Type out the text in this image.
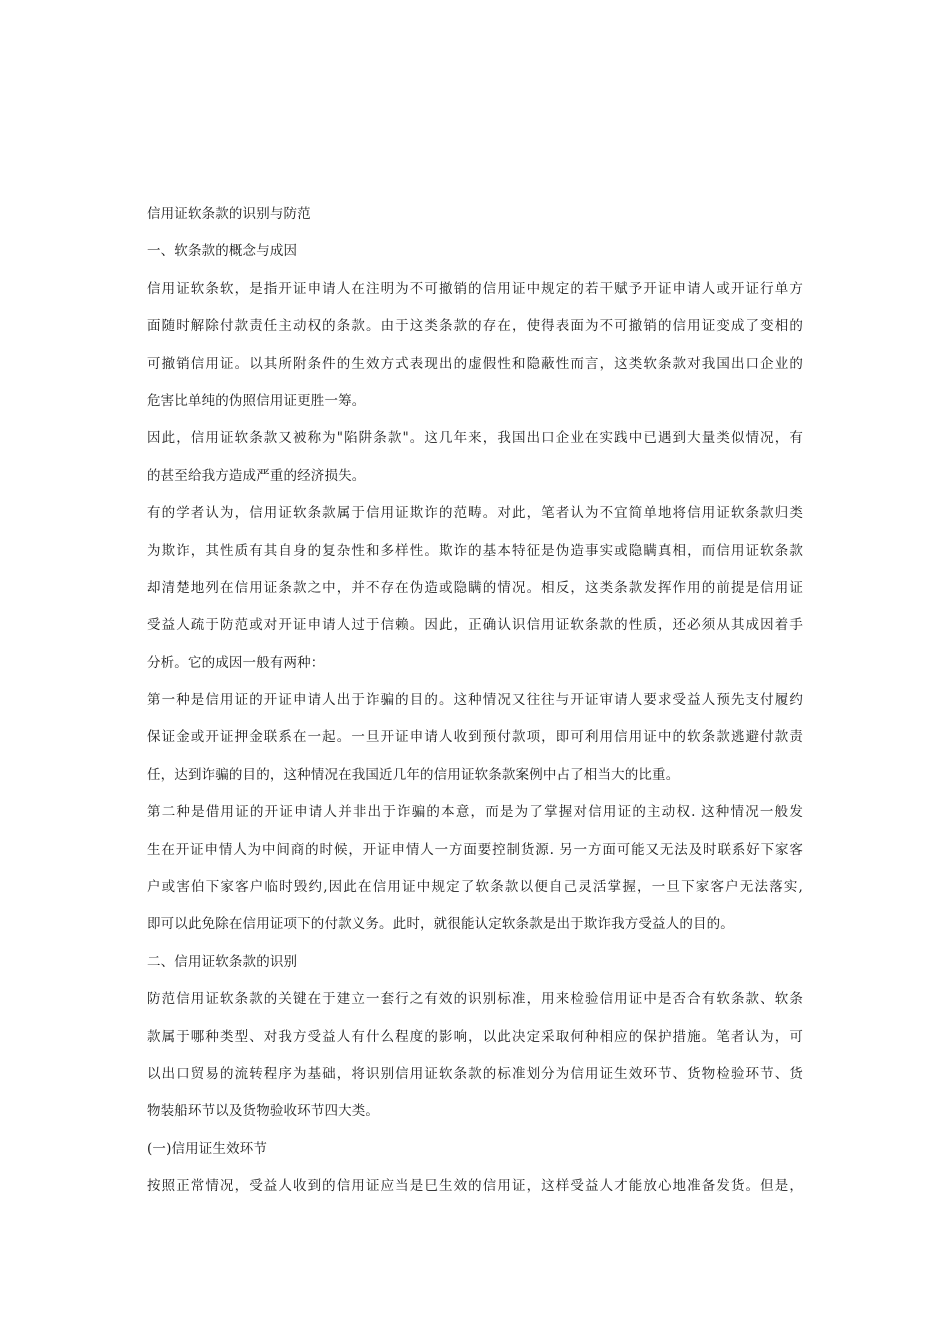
信用证软条款的识别与防范
一、软条款的概念与成因
信用证软条软，是指开证申请人在注明为不可撤销的信用证中规定的若干赋予开证申请人或开证行单方
面随时解除付款责任主动权的条款。由于这类条款的存在，使得表面为不可撤销的信用证变成了变相的
可撤销信用证。以其所附条件的生效方式表现出的虚假性和隐蔽性而言，这类软条款对我国出口企业的
危害比单纯的伪照信用证更胜一筹。
因此，信用证软条款又被称为"陷阱条款"。这几年来，我国出口企业在实践中已遇到大量类似情况，有
的甚至给我方造成严重的经济损失。
有的学者认为，信用证软条款属于信用证欺诈的范畴。对此，笔者认为不宜简单地将信用证软条款归类
为欺诈，其性质有其自身的复杂性和多样性。欺诈的基本特征是伪造事实或隐瞒真相，而信用证软条款
却清楚地列在信用证条款之中，并不存在伪造或隐瞒的情况。相反，这类条款发挥作用的前提是信用证
受益人疏于防范或对开证申请人过于信赖。因此，正确认识信用证软条款的性质，还必须从其成因着手
分析。它的成因一般有两种：
第一种是信用证的开证申请人出于诈骗的目的。这种情况又往往与开证审请人要求受益人预先支付履约
保证金或开证押金联系在一起。一旦开证申请人收到预付款项，即可利用信用证中的软条款逃避付款责
任，达到诈骗的目的，这种情况在我国近几年的信用证软条款案例中占了相当大的比重。
第二种是借用证的开证申请人并非出于诈骗的本意，而是为了掌握对信用证的主动权. 这种情况一般发
生在开证申情人为中间商的时候，开证申情人一方面要控制货源. 另一方面可能又无法及时联系好下家客
户或害伯下家客户临时毁约,因此在信用证中规定了软条款以便自己灵活掌握，一旦下家客户无法落实,
即可以此免除在信用证项下的付款义务。此时，就很能认定软条款是出于欺诈我方受益人的目的。
二、信用证软条款的识别
防范信用证软条款的关键在于建立一套行之有效的识别标准，用来检验信用证中是否合有软条款、软条
款属于哪种类型、对我方受益人有什么程度的影响，以此决定采取何种相应的保护措施。笔者认为，可
以出口贸易的流转程序为基础，将识别信用证软条款的标准划分为信用证生效环节、货物检验环节、货
物装船环节以及货物验收环节四大类。
(一)信用证生效环节
按照正常情况，受益人收到的信用证应当是巳生效的信用证，这样受益人才能放心地准备发货。但是，
